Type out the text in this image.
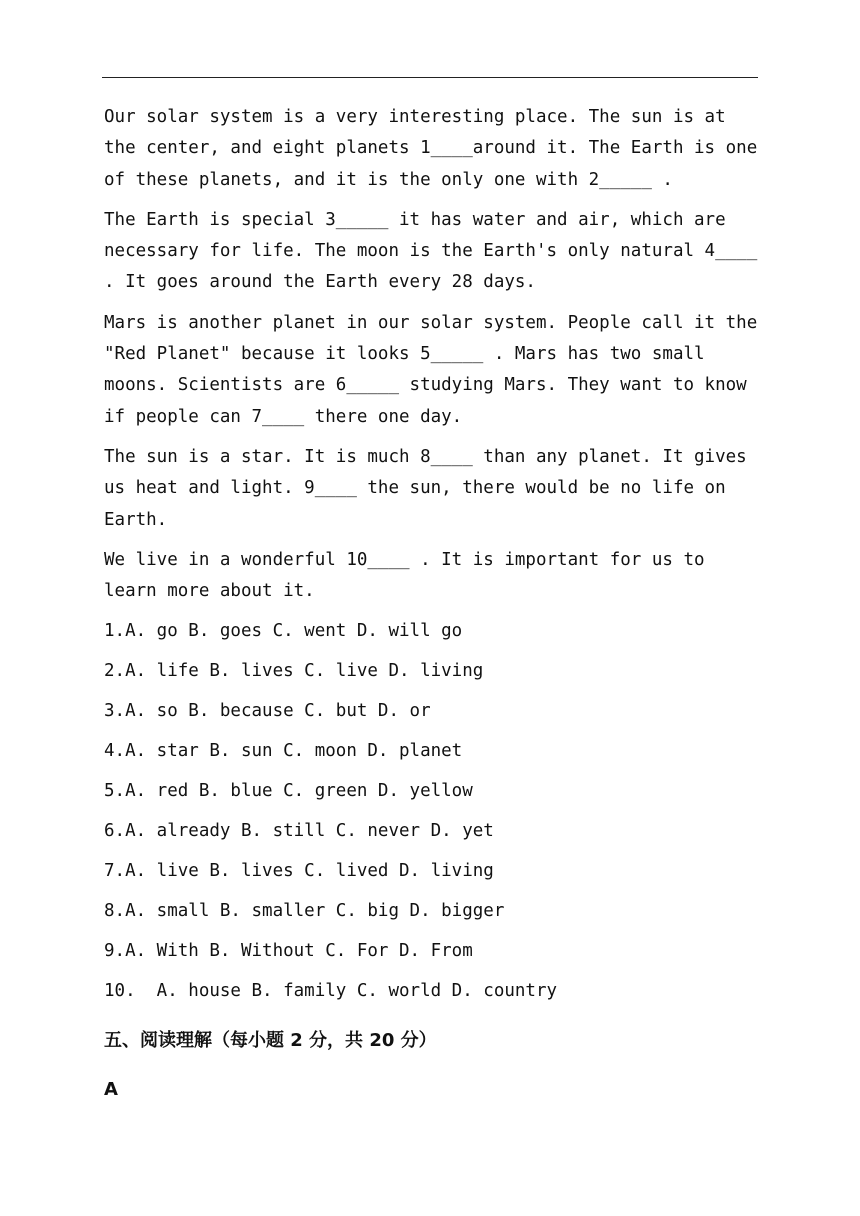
Our solar system is a very interesting place. The sun is at the center, and eight planets 1____around it. The Earth is one of these planets, and it is the only one with 2_____ .

The Earth is special 3_____ it has water and air, which are necessary for life. The moon is the Earth's only natural 4____ . It goes around the Earth every 28 days.

Mars is another planet in our solar system. People call it the "Red Planet" because it looks 5_____ . Mars has two small moons. Scientists are 6_____ studying Mars. They want to know if people can 7____ there one day.

The sun is a star. It is much 8____ than any planet. It gives us heat and light. 9____ the sun, there would be no life on Earth.

We live in a wonderful 10____ . It is important for us to learn more about it.

1.A. go B. goes C. went D. will go
2.A. life B. lives C. live D. living
3.A. so B. because C. but D. or
4.A. star B. sun C. moon D. planet
5.A. red B. blue C. green D. yellow
6.A. already B. still C. never D. yet
7.A. live B. lives C. lived D. living
8.A. small B. smaller C. big D. bigger
9.A. With B. Without C. For D. From
10.  A. house B. family C. world D. country
五、阅读理解（每小题 2 分，共 20 分）
A
